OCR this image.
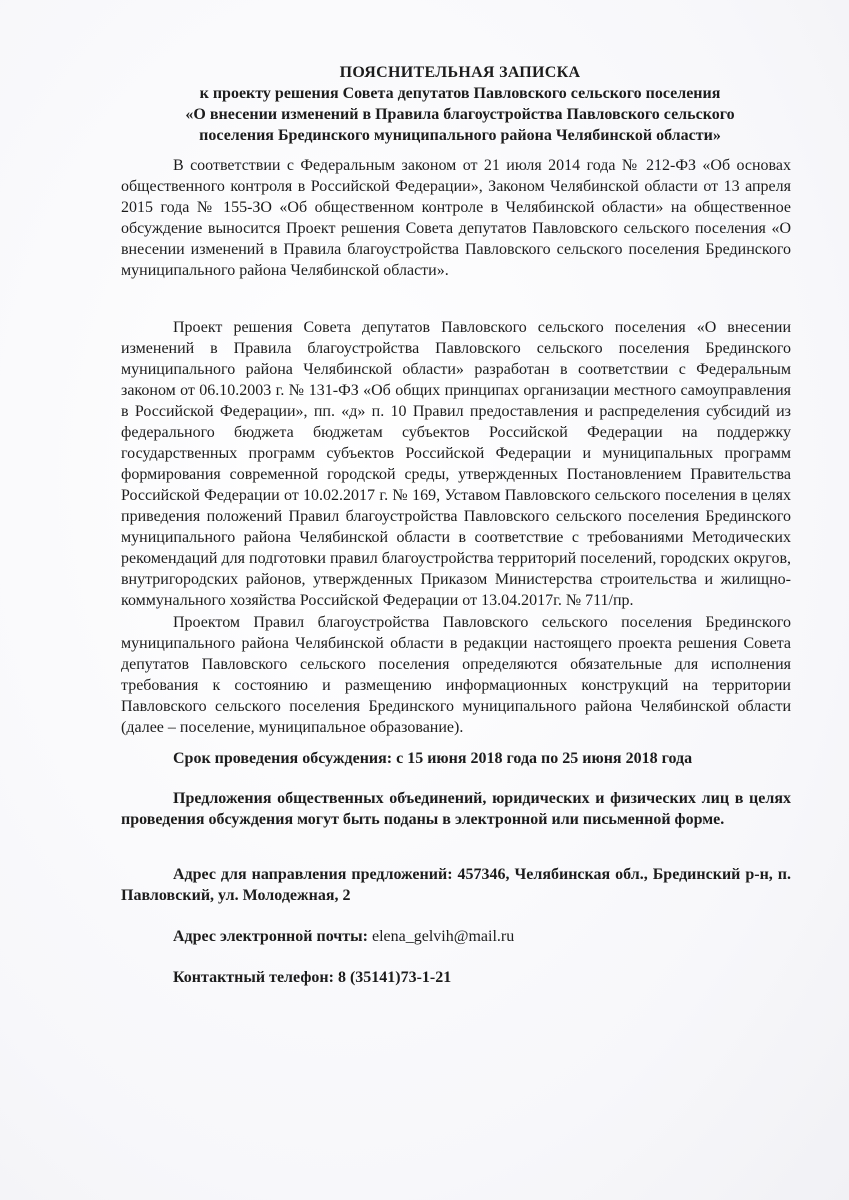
ПОЯСНИТЕЛЬНАЯ ЗАПИСКА
к проекту решения Совета депутатов Павловского сельского поселения
«О внесении изменений в Правила благоустройства Павловского сельского
поселения Брединского муниципального района Челябинской области»
В соответствии с Федеральным законом от 21 июля 2014 года № 212-ФЗ «Об основах общественного контроля в Российской Федерации», Законом Челябинской области от 13 апреля 2015 года № 155-ЗО «Об общественном контроле в Челябинской области» на общественное обсуждение выносится Проект решения Совета депутатов Павловского сельского поселения «О внесении изменений в Правила благоустройства Павловского сельского поселения Брединского муниципального района Челябинской области».
Проект решения Совета депутатов Павловского сельского поселения «О внесении изменений в Правила благоустройства Павловского сельского поселения Брединского муниципального района Челябинской области» разработан в соответствии с Федеральным законом от 06.10.2003 г. № 131-ФЗ «Об общих принципах организации местного самоуправления в Российской Федерации», пп. «д» п. 10 Правил предоставления и распределения субсидий из федерального бюджета бюджетам субъектов Российской Федерации на поддержку государственных программ субъектов Российской Федерации и муниципальных программ формирования современной городской среды, утвержденных Постановлением Правительства Российской Федерации от 10.02.2017 г. № 169, Уставом Павловского сельского поселения в целях приведения положений Правил благоустройства Павловского сельского поселения Брединского муниципального района Челябинской области в соответствие с требованиями Методических рекомендаций для подготовки правил благоустройства территорий поселений, городских округов, внутригородских районов, утвержденных Приказом Министерства строительства и жилищно-коммунального хозяйства Российской Федерации от 13.04.2017г. № 711/пр.
Проектом Правил благоустройства Павловского сельского поселения Брединского муниципального района Челябинской области в редакции настоящего проекта решения Совета депутатов Павловского сельского поселения определяются обязательные для исполнения требования к состоянию и размещению информационных конструкций на территории Павловского сельского поселения Брединского муниципального района Челябинской области (далее – поселение, муниципальное образование).
Срок проведения обсуждения: с 15 июня 2018 года по 25 июня 2018 года
Предложения общественных объединений, юридических и физических лиц в целях проведения обсуждения могут быть поданы в электронной или письменной форме.
Адрес для направления предложений: 457346, Челябинская обл., Брединский р-н, п. Павловский, ул. Молодежная, 2
Адрес электронной почты: elena_gelvih@mail.ru
Контактный телефон: 8 (35141)73-1-21
